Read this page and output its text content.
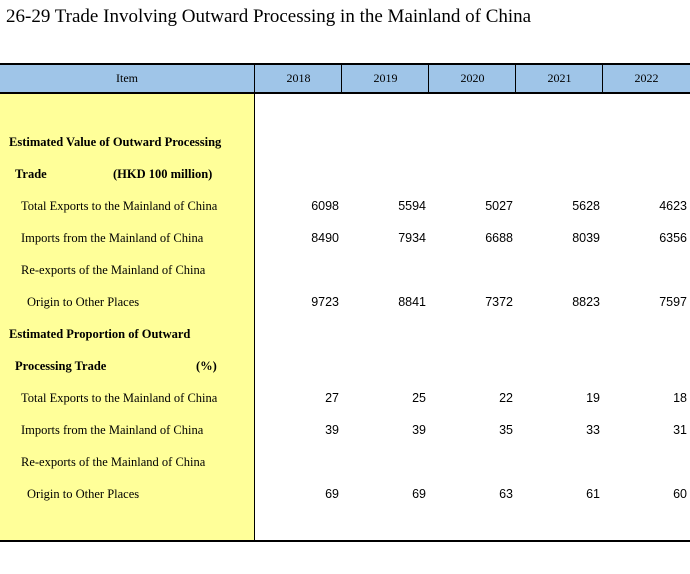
26-29 Trade Involving Outward Processing in the Mainland of China
Item	2018	2019	2020	2021	2022
Estimated Value of Outward Processing
Trade	(HKD 100 million)
Total Exports to the Mainland of China	6098	5594	5027	5628	4623
Imports from the Mainland of China	8490	7934	6688	8039	6356
Re-exports of the Mainland of China
Origin to Other Places	9723	8841	7372	8823	7597
Estimated Proportion of Outward
Processing Trade	(%)
Total Exports to the Mainland of China	27	25	22	19	18
Imports from the Mainland of China	39	39	35	33	31
Re-exports of the Mainland of China
Origin to Other Places	69	69	63	61	60
